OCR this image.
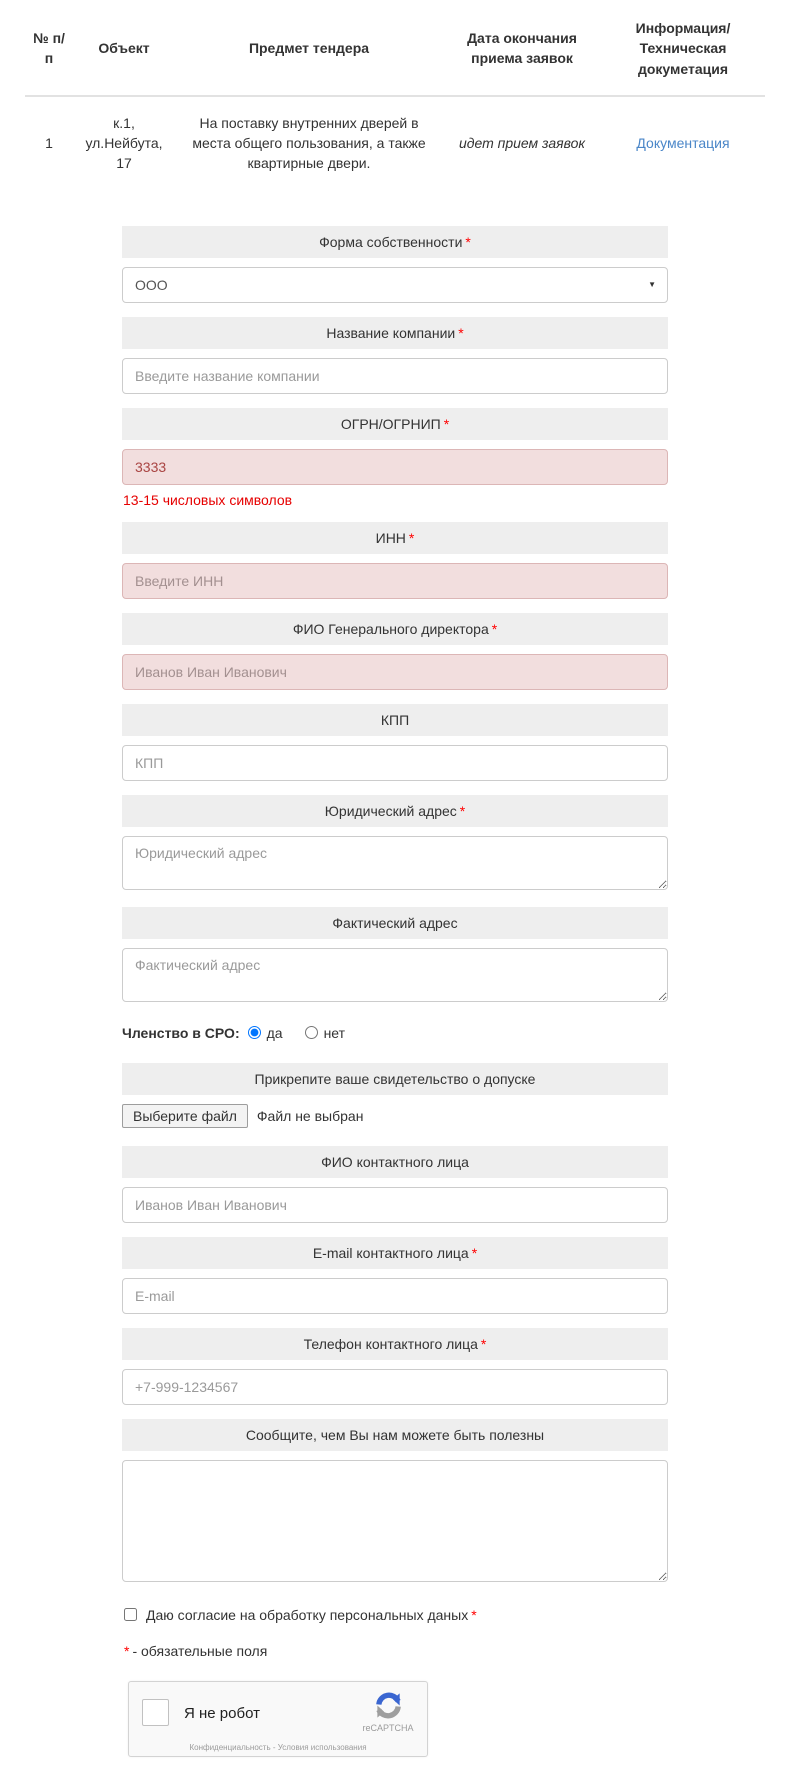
№ п/п	Объект	Предмет тендера	Дата окончания приема заявок	Информация/ Техническая докуметация
1	к.1, ул.Нейбута, 17	На поставку внутренних дверей в места общего пользования, а также квартирные двери.	идет прием заявок	Документация
Форма собственности *
ООО
▼
Название компании *
Введите название компании
ОГРН/ОГРНИП *
3333
13-15 числовых символов
ИНН *
Введите ИНН
ФИО Генерального директора *
Иванов Иван Иванович
КПП
КПП
Юридический адрес *
Юридический адрес
Фактический адрес
Фактический адрес
Членство в СРО: да	нет
Прикрепите ваше свидетельство о допуске
Выберите файл	Файл не выбран
ФИО контактного лица
Иванов Иван Иванович
E-mail контактного лица *
E-mail
Телефон контактного лица *
+7-999-1234567
Сообщите, чем Вы нам можете быть полезны
Даю согласие на обработку персональных даных *
* - обязательные поля
Я не робот
reCAPTCHA
Конфиденциальность - Условия использования
